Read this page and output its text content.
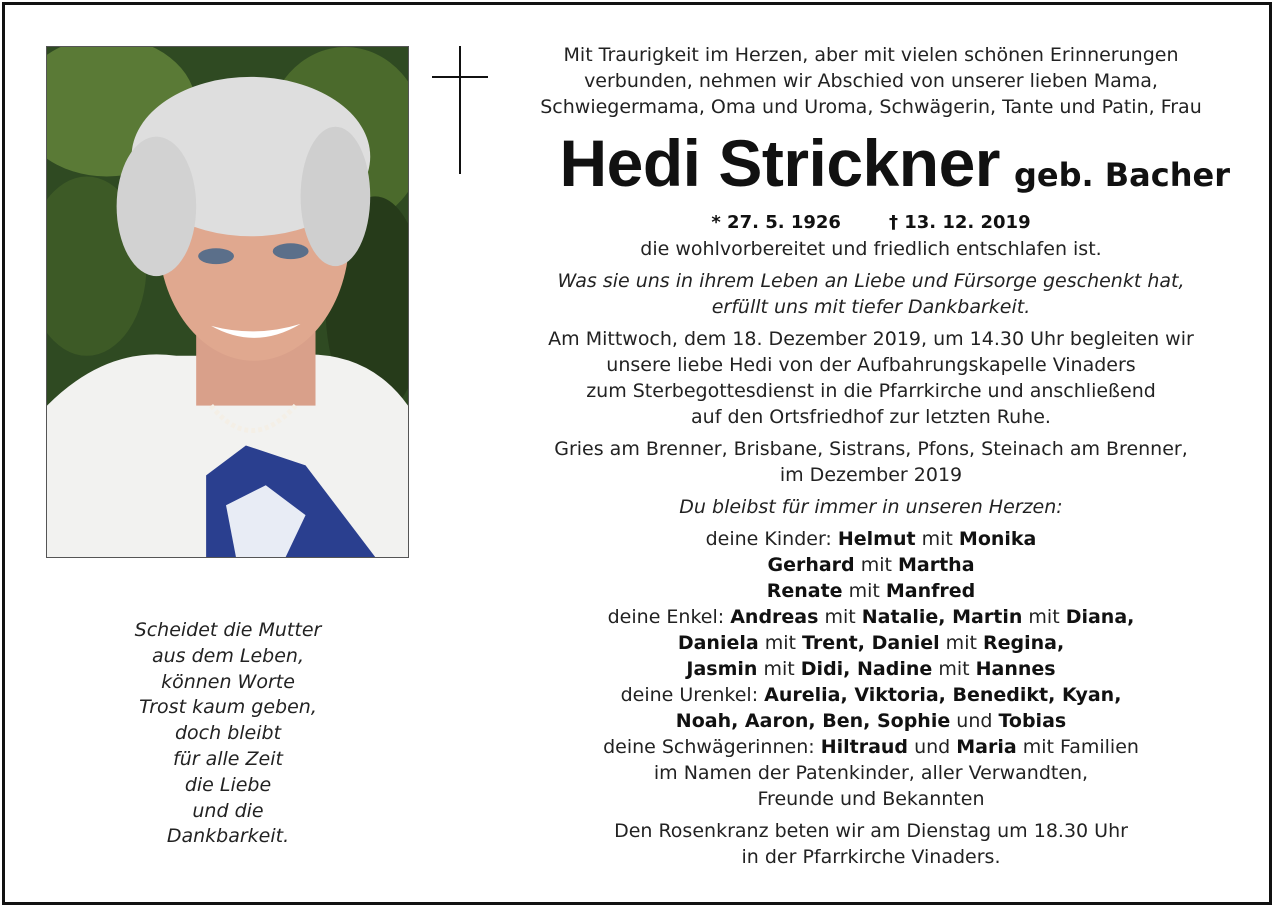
Scheidet die Mutter
aus dem Leben,
können Worte
Trost kaum geben,
doch bleibt
für alle Zeit
die Liebe
und die
Dankbarkeit.
Mit Traurigkeit im Herzen, aber mit vielen schönen Erinnerungen
verbunden, nehmen wir Abschied von unserer lieben Mama,
Schwiegermama, Oma und Uroma, Schwägerin, Tante und Patin, Frau
Hedi Strickner geb. Bacher
* 27. 5. 1926	† 13. 12. 2019
die wohlvorbereitet und friedlich entschlafen ist.
Was sie uns in ihrem Leben an Liebe und Fürsorge geschenkt hat,
erfüllt uns mit tiefer Dankbarkeit.
Am Mittwoch, dem 18. Dezember 2019, um 14.30 Uhr begleiten wir
unsere liebe Hedi von der Aufbahrungskapelle Vinaders
zum Sterbegottesdienst in die Pfarrkirche und anschließend
auf den Ortsfriedhof zur letzten Ruhe.
Gries am Brenner, Brisbane, Sistrans, Pfons, Steinach am Brenner,
im Dezember 2019
Du bleibst für immer in unseren Herzen:
deine Kinder: Helmut mit Monika
Gerhard mit Martha
Renate mit Manfred
deine Enkel: Andreas mit Natalie, Martin mit Diana,
Daniela mit Trent, Daniel mit Regina,
Jasmin mit Didi, Nadine mit Hannes
deine Urenkel: Aurelia, Viktoria, Benedikt, Kyan,
Noah, Aaron, Ben, Sophie und Tobias
deine Schwägerinnen: Hiltraud und Maria mit Familien
im Namen der Patenkinder, aller Verwandten,
Freunde und Bekannten
Den Rosenkranz beten wir am Dienstag um 18.30 Uhr
in der Pfarrkirche Vinaders.
